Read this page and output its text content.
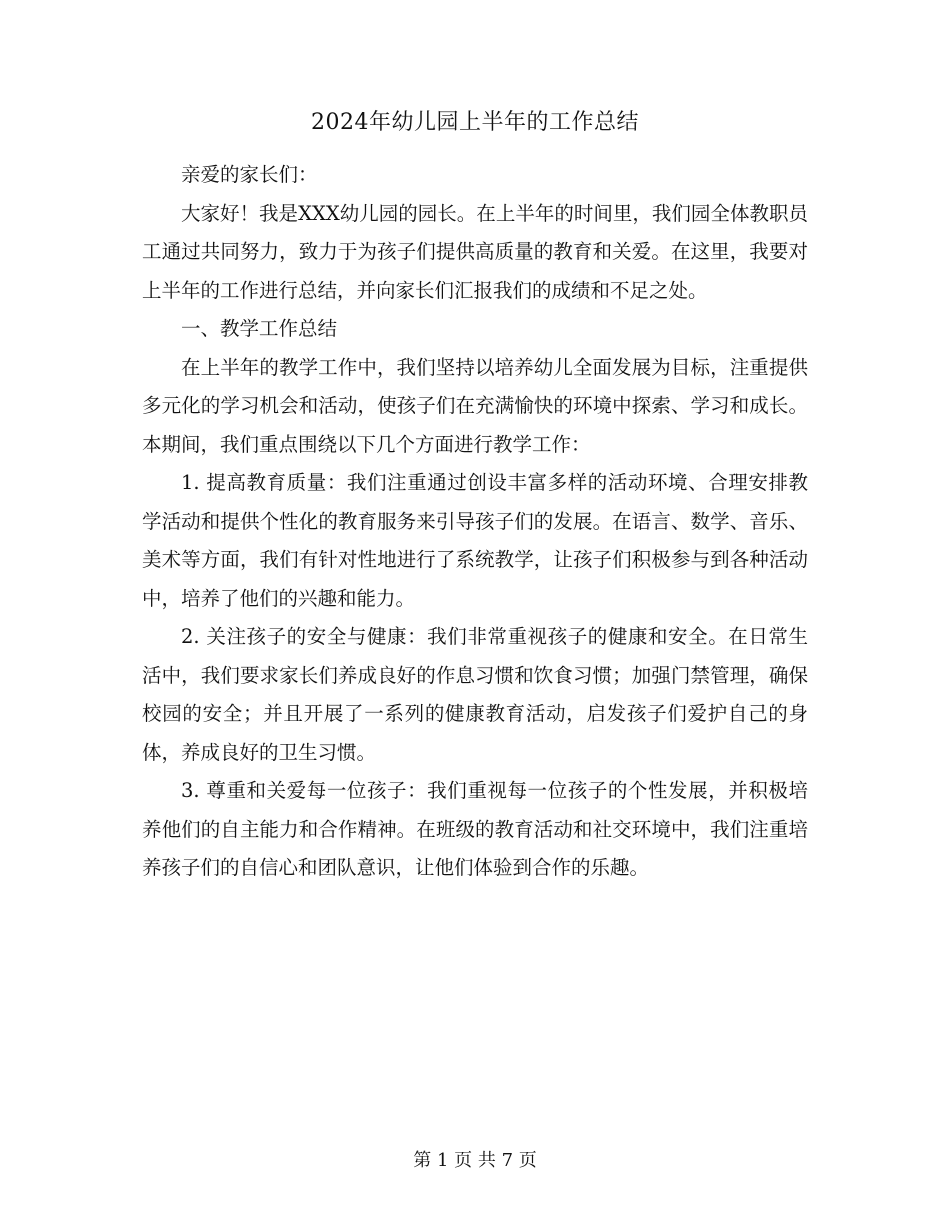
2024年幼儿园上半年的工作总结

亲爱的家长们：

大家好！我是XXX幼儿园的园长。在上半年的时间里，我们园全体教职员工通过共同努力，致力于为孩子们提供高质量的教育和关爱。在这里，我要对上半年的工作进行总结，并向家长们汇报我们的成绩和不足之处。

一、教学工作总结

在上半年的教学工作中，我们坚持以培养幼儿全面发展为目标，注重提供多元化的学习机会和活动，使孩子们在充满愉快的环境中探索、学习和成长。本期间，我们重点围绕以下几个方面进行教学工作：

1. 提高教育质量：我们注重通过创设丰富多样的活动环境、合理安排教学活动和提供个性化的教育服务来引导孩子们的发展。在语言、数学、音乐、美术等方面，我们有针对性地进行了系统教学，让孩子们积极参与到各种活动中，培养了他们的兴趣和能力。

2. 关注孩子的安全与健康：我们非常重视孩子的健康和安全。在日常生活中，我们要求家长们养成良好的作息习惯和饮食习惯；加强门禁管理，确保校园的安全；并且开展了一系列的健康教育活动，启发孩子们爱护自己的身体，养成良好的卫生习惯。

3. 尊重和关爱每一位孩子：我们重视每一位孩子的个性发展，并积极培养他们的自主能力和合作精神。在班级的教育活动和社交环境中，我们注重培养孩子们的自信心和团队意识，让他们体验到合作的乐趣。

第 1 页 共 7 页
